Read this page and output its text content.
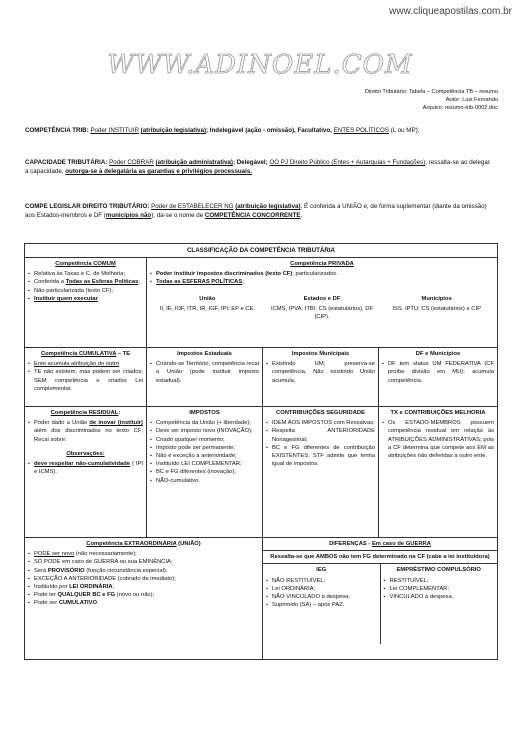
www.cliqueapostilas.com.br
WWW.ADINOEL.COM
Direito Tributário: Tabela – Competência TB – resumo
Autor: Luis Fernando
Arquivo: resumo-trib-0002.doc
COMPETÊNCIA TRIB: Poder INSTITUIR (atribuição legislativa); Indelegável (ação - omissão), Facultativo, ENTES POLÍTICOS (L ou MP);
CAPACIDADE TRIBUTÁRIA: Poder COBRAR (atribuição administrativa); Delegável; OO PJ Direito Público (Entes + Autarquias + Fundações); ressalta-se ao delegar a capacidade, outorga-se à delegatária as garantias e privilégios processuais.
COMPE LEGISLAR DIREITO TRIBUTÁRIO: Poder de ESTABELECER NG (atribuição legislativa); É conferida a UNIÃO e, de forma suplementar (diante da omissão) aos Estados-membros e DF (municípios não); da-se o nome de COMPETÊNCIA CONCORRENTE.
CLASSIFICAÇÃO DA COMPETÊNCIA TRIBUTÁRIA
Competência COMUM
▪ Relativa às Taxas e C. de Melhoria;
▪ Conferida a Todas as Esferas Políticas;
▪ Não particularizada (texto CF);
▪ Instituir quem executar.
Competência PRIVADA
▪ Poder instituir impostos discriminados (texto CF); particularizados.
▪ Todas as ESFERAS POLÍTICAS;
União
II, IE, IOF, ITR, IR, IGF, IPI; EP e CE.
Estados e DF
ICMS, IPVA, ITBI; CS (estatutários), DF (CIP).
Municípios
ISS, IPTU; CS (estatutários) e CIP
Competência CUMULATIVA – TE
▪ Ente acumula atribuição do outro
▪ TE não existem, mas podem ser criados; SEM competência e criados Lei complementar.
Impostos Estaduais
▪ Criando-se Território; competência recai a União (pode instituir imposto estadual).
Impostos Municipais
▪ Existindo UM; preserva-se competência, Não existindo União acumula.
DF e Municípios
▪ DF tem status UM FEDERATIVA (CF proíbe divisão em MU); acumula competência.
Competência RESIDUAL:
▪ Poder dado a União de inovar (instituir) além dos discriminados no texto CF; Recai sobre:
Observações:
▪ deve respeitar não-cumulatividade ( IPI e ICMS).
IMPOSTOS
▪ Competência da União (+ liberdade);
▪ Deve ser imposto novo (INOVAÇÃO);
▪ Criado qualquer momento;
▪ Imposto pode ser permanente;
▪ Não é exceção a anterioridade;
▪ Instituído LEI COMPLEMENTAR;
▪ BC e FG diferentes (inovação);
▪ NÃO-cumulativo.
CONTRIBUIÇÕES SEGURIDADE
▪ IDEM AOS IMPOSTOS com Ressalvas:
▪ Respeita ANTERIORIDADE Nonagesimal;
▪ BC e FG diferentes de contribuição EXISTENTES; STF admite que tenha igual de impostos.
TX e CONTRIBUIÇÕES MELHORIA
▪ Os ESTADO-MEMBROS possuem competência residual em relação às ATRIBUIÇÕES ADMINISTRATIVAS; pois a CF determina que compete aos EM as atribuições não deferidas a outro ente.
Competência EXTRAORDINÁRIA (UNIÃO)
▪ PODE ser novo (não necessariamente);
▪ SÓ PODE em caso de GUERRA ou sua EMINÊNCIA;
▪ Será PROVISÓRIO (função circunstância especial);
▪ EXCEÇÃO A ANTERIORIDADE (cobrado de imediato);
▪ Instituído por LEI ORDINÁRIA;
▪ Pode ter QUALQUER BC e FG (novo ou não);
▪ Pode ser CUMULATIVO.
DIFERENÇAS - Em caso de GUERRA
Ressalta-se que AMBOS não tem FG determinado na CF (cabe a lei instituidora)
IEG
▪ NÃO RESTITUÍVEL;
▪ Lei ORDINÁRIA;
▪ NÃO VINCULADO à despesa;
▪ Suprimido (SA) – após PAZ.
EMPRÉSTIMO COMPULSÓRIO
▪ RESTITUÍVEL;
▪ Lei COMPLEMENTAR;
▪ VINCULADO à despesa.
